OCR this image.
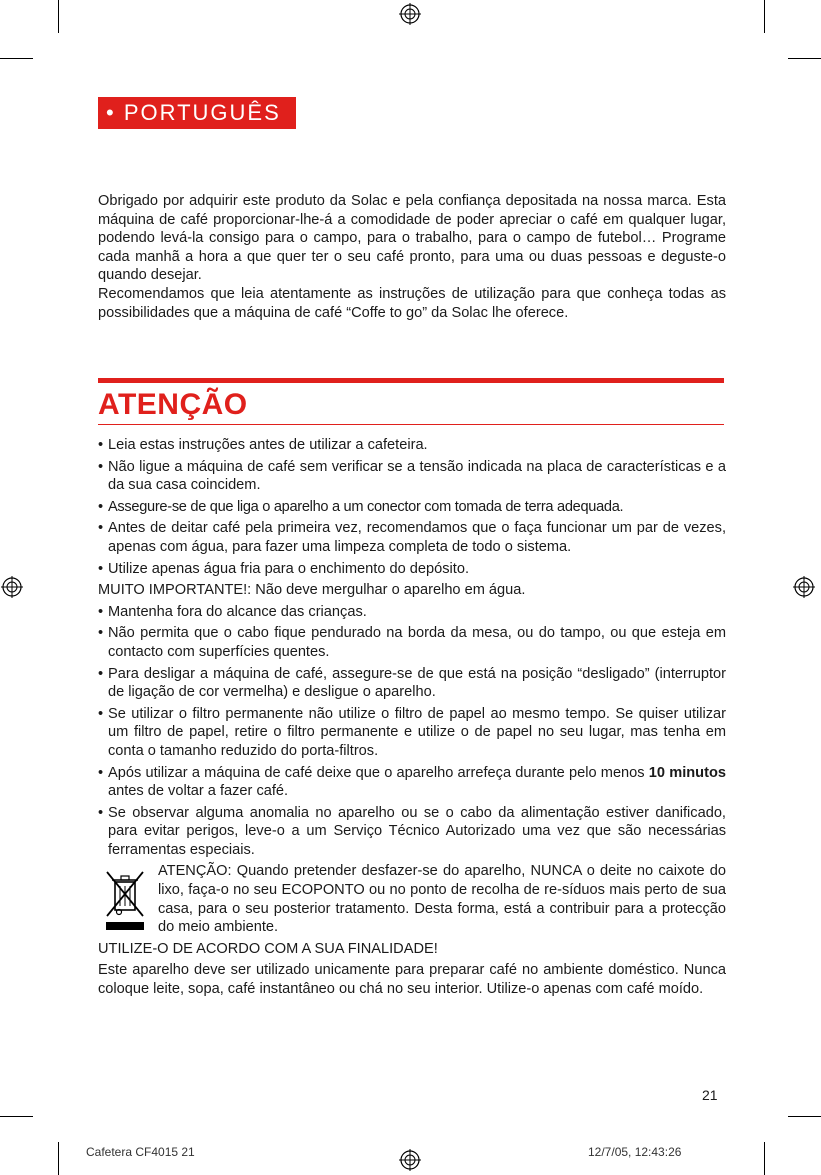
• PORTUGUÊS

Obrigado por adquirir este produto da Solac e pela confiança depositada na nossa marca. Esta máquina de café proporcionar-lhe-á a comodidade de poder apreciar o café em qualquer lugar, podendo levá-la consigo para o campo, para o trabalho, para o campo de futebol… Programe cada manhã a hora a que quer ter o seu café pronto, para uma ou duas pessoas e deguste-o quando desejar.

Recomendamos que leia atentamente as instruções de utilização para que conheça todas as possibilidades que a máquina de café “Coffe to go” da Solac lhe oferece.

ATENÇÃO
• Leia estas instruções antes de utilizar a cafeteira.
• Não ligue a máquina de café sem verificar se a tensão indicada na placa de características e a da sua casa coincidem.
• Assegure-se de que liga o aparelho a um conector com tomada de terra adequada.
• Antes de deitar café pela primeira vez, recomendamos que o faça funcionar um par de vezes, apenas com água, para fazer uma limpeza completa de todo o sistema.
• Utilize apenas água fria para o enchimento do depósito.
MUITO IMPORTANTE!: Não deve mergulhar o aparelho em água.
• Mantenha fora do alcance das crianças.
• Não permita que o cabo fique pendurado na borda da mesa, ou do tampo, ou que esteja em contacto com superfícies quentes.
• Para desligar a máquina de café, assegure-se de que está na posição “desligado” (interruptor de ligação de cor vermelha) e desligue o aparelho.
• Se utilizar o filtro permanente não utilize o filtro de papel ao mesmo tempo. Se quiser utilizar um filtro de papel, retire o filtro permanente e utilize o de papel no seu lugar, mas tenha em conta o tamanho reduzido do porta-filtros.
• Após utilizar a máquina de café deixe que o aparelho arrefeça durante pelo menos 10 minutos antes de voltar a fazer café.
• Se observar alguma anomalia no aparelho ou se o cabo da alimentação estiver danificado, para evitar perigos, leve-o a um Serviço Técnico Autorizado uma vez que são necessárias ferramentas especiais.
ATENÇÃO: Quando pretender desfazer-se do aparelho, NUNCA o deite no caixote do lixo, faça-o no seu ECOPONTO ou no ponto de recolha de re-síduos mais perto de sua casa, para o seu posterior tratamento. Desta forma, está a contribuir para a protecção do meio ambiente.
UTILIZE-O DE ACORDO COM A SUA FINALIDADE!
Este aparelho deve ser utilizado unicamente para preparar café no ambiente doméstico. Nunca coloque leite, sopa, café instantâneo ou chá no seu interior. Utilize-o apenas com café moído.
21
Cafetera CF4015 21	12/7/05, 12:43:26
